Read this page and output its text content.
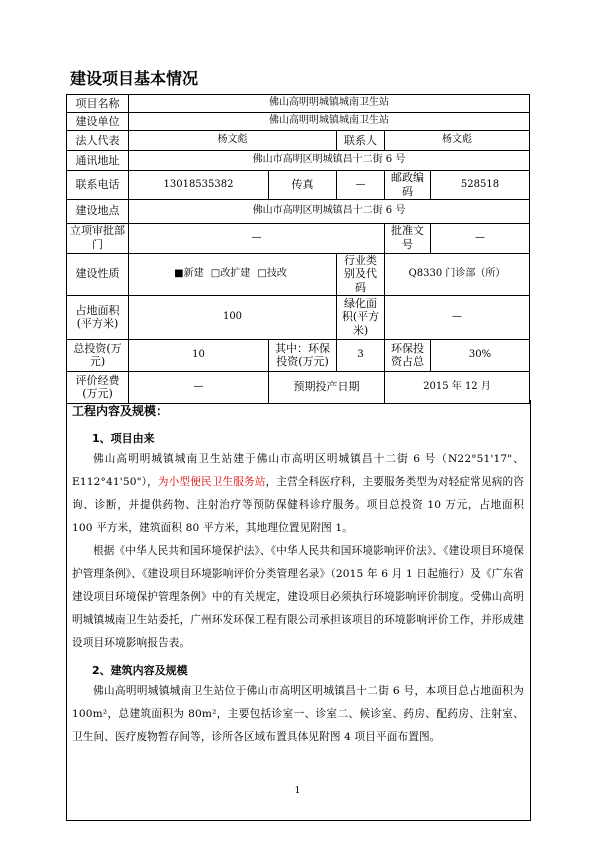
建设项目基本情况
项目名称	佛山高明明城镇城南卫生站				
建设单位	佛山高明明城镇城南卫生站				
法人代表	杨文彪		联系人	杨文彪	
通讯地址	佛山市高明区明城镇昌十二街 6 号				
联系电话	13018535382	传真	—	邮政编码	528518
建设地点	佛山市高明区明城镇昌十二街 6 号				
立项审批部门	—			批准文号	—
建设性质	■新建 □改扩建 □技改		行业类别及代码	Q8330 门诊部（所）	
占地面积(平方米)	100		绿化面积(平方米)	—	
总投资(万元)	10	其中：环保投资(万元)	3	环保投资占总	30%
评价经费(万元)	—	预期投产日期		2015 年 12 月	
工程内容及规模：
1、项目由来
佛山高明明城镇城南卫生站建于佛山市高明区明城镇昌十二街 6 号（N22°51'17"、E112°41'50"），为小型便民卫生服务站，主营全科医疗科，主要服务类型为对轻症常见病的咨询、诊断，并提供药物、注射治疗等预防保健科诊疗服务。项目总投资 10 万元，占地面积 100 平方米，建筑面积 80 平方米，其地理位置见附图 1。
根据《中华人民共和国环境保护法》、《中华人民共和国环境影响评价法》、《建设项目环境保护管理条例》、《建设项目环境影响评价分类管理名录》（2015 年 6 月 1 日起施行）及《广东省建设项目环境保护管理条例》中的有关规定，建设项目必须执行环境影响评价制度。受佛山高明明城镇城南卫生站委托，广州环发环保工程有限公司承担该项目的环境影响评价工作，并形成建设项目环境影响报告表。
2、建筑内容及规模
佛山高明明城镇城南卫生站位于佛山市高明区明城镇昌十二街 6 号，本项目总占地面积为 100m²，总建筑面积为 80m²，主要包括诊室一、诊室二、候诊室、药房、配药房、注射室、卫生间、医疗废物暂存间等，诊所各区域布置具体见附图 4 项目平面布置图。
1
